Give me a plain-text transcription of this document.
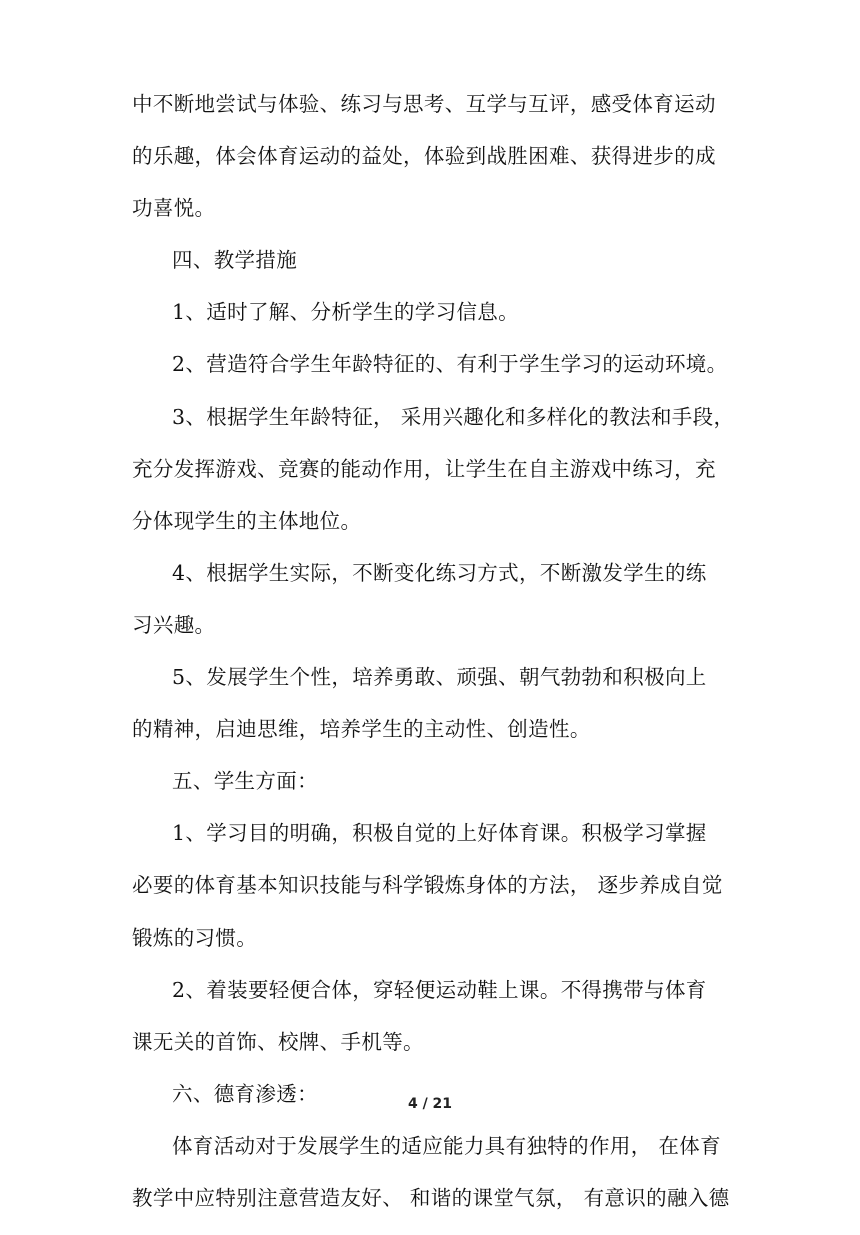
中不断地尝试与体验、练习与思考、互学与互评，感受体育运动
的乐趣，体会体育运动的益处，体验到战胜困难、获得进步的成
功喜悦。
四、教学措施
1、适时了解、分析学生的学习信息。
2、营造符合学生年龄特征的、有利于学生学习的运动环境。
3、根据学生年龄特征， 采用兴趣化和多样化的教法和手段，
充分发挥游戏、竞赛的能动作用，让学生在自主游戏中练习，充
分体现学生的主体地位。
4、根据学生实际，不断变化练习方式，不断激发学生的练
习兴趣。
5、发展学生个性，培养勇敢、顽强、朝气勃勃和积极向上
的精神，启迪思维，培养学生的主动性、创造性。
五、学生方面：
1、学习目的明确，积极自觉的上好体育课。积极学习掌握
必要的体育基本知识技能与科学锻炼身体的方法， 逐步养成自觉
锻炼的习惯。
2、着装要轻便合体，穿轻便运动鞋上课。不得携带与体育
课无关的首饰、校牌、手机等。
六、德育渗透：
体育活动对于发展学生的适应能力具有独特的作用， 在体育
教学中应特别注意营造友好、 和谐的课堂气氛， 有意识的融入德
4 / 21
